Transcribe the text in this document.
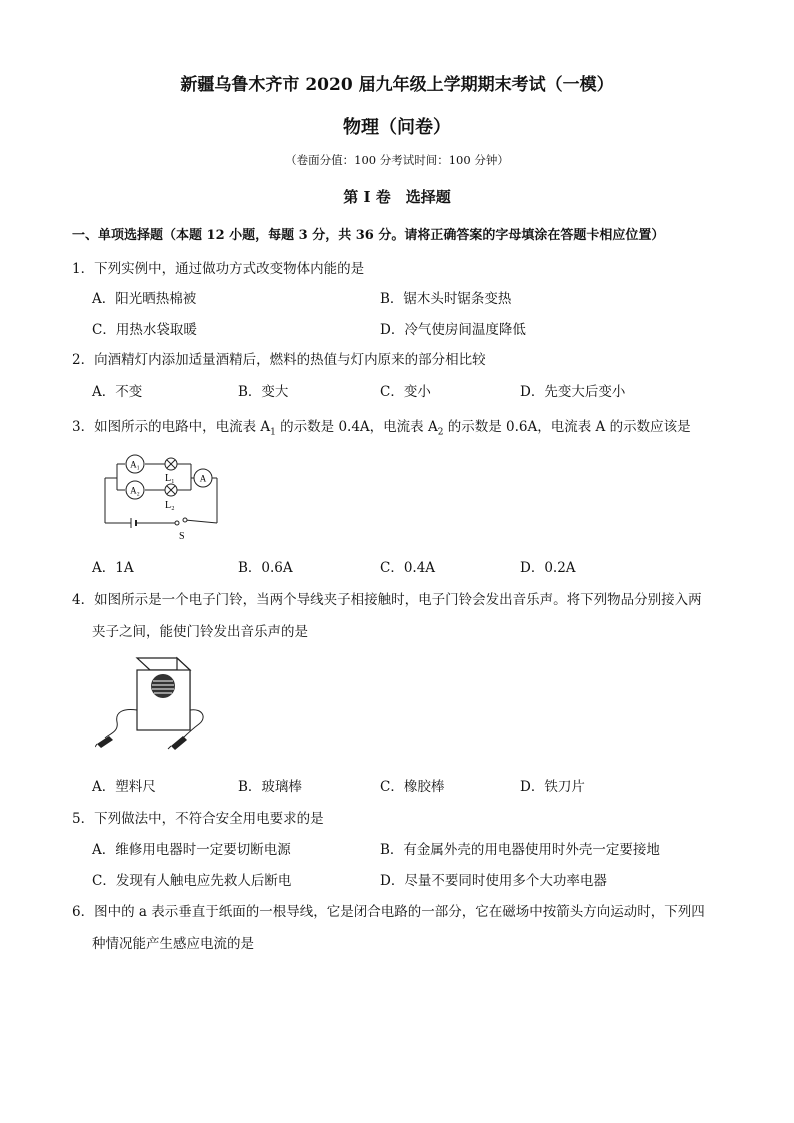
新疆乌鲁木齐市 2020 届九年级上学期期末考试（一模）
物理（问卷）
（卷面分值：100 分考试时间：100 分钟）
第 Ⅰ 卷　选择题
一、单项选择题（本题 12 小题，每题 3 分，共 36 分。请将正确答案的字母填涂在答题卡相应位置）
1．下列实例中，通过做功方式改变物体内能的是
A．阳光晒热棉被	B．锯木头时锯条变热
C．用热水袋取暖	D．冷气使房间温度降低
2．向酒精灯内添加适量酒精后，燃料的热值与灯内原来的部分相比较
A．不变	B．变大	C．变小	D．先变大后变小
3．如图所示的电路中，电流表 $A_1$ 的示数是 0.4A，电流表 $A_2$ 的示数是 0.6A，电流表 A 的示数应该是
A₁
A₂
A
L₁
L₂
S
A．1A	B．0.6A	C．0.4A	D．0.2A
4．如图所示是一个电子门铃，当两个导线夹子相接触时，电子门铃会发出音乐声。将下列物品分别接入两
夹子之间，能使门铃发出音乐声的是
A．塑料尺	B．玻璃棒	C．橡胶棒	D．铁刀片
5．下列做法中，不符合安全用电要求的是
A．维修用电器时一定要切断电源	B．有金属外壳的用电器使用时外壳一定要接地
C．发现有人触电应先救人后断电	D．尽量不要同时使用多个大功率电器
6．图中的 a 表示垂直于纸面的一根导线，它是闭合电路的一部分，它在磁场中按箭头方向运动时，下列四
种情况能产生感应电流的是
